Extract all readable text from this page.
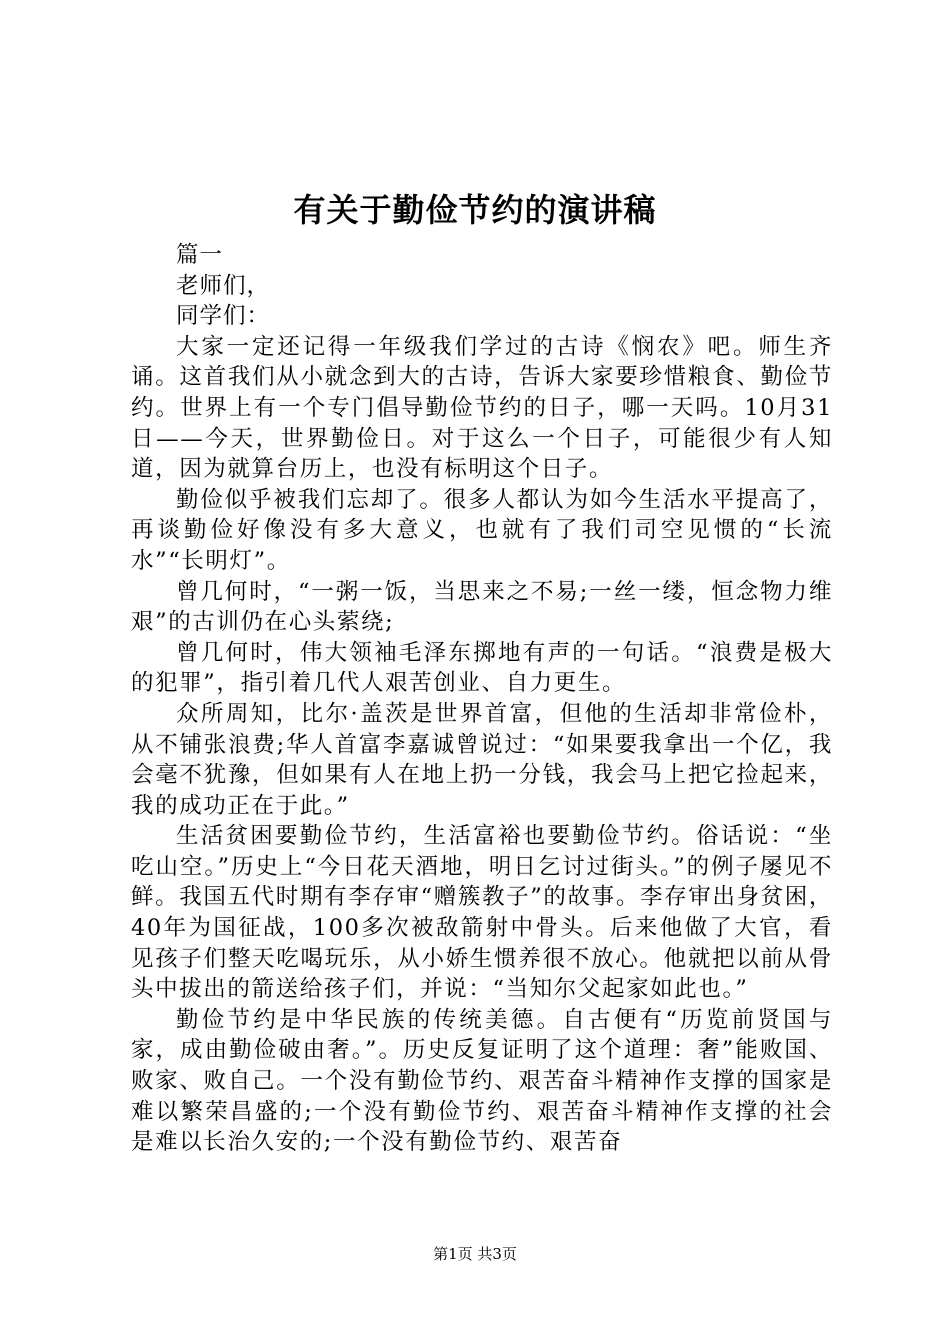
有关于勤俭节约的演讲稿

篇一

老师们，

同学们：

大家一定还记得一年级我们学过的古诗《悯农》吧。师生齐诵。这首我们从小就念到大的古诗，告诉大家要珍惜粮食、勤俭节约。世界上有一个专门倡导勤俭节约的日子，哪一天吗。10月31日——今天，世界勤俭日。对于这么一个日子，可能很少有人知道，因为就算台历上，也没有标明这个日子。

勤俭似乎被我们忘却了。很多人都认为如今生活水平提高了，再谈勤俭好像没有多大意义，也就有了我们司空见惯的“长流水”“长明灯”。

曾几何时，“一粥一饭，当思来之不易;一丝一缕，恒念物力维艰”的古训仍在心头萦绕;

曾几何时，伟大领袖毛泽东掷地有声的一句话。“浪费是极大的犯罪”，指引着几代人艰苦创业、自力更生。

众所周知，比尔·盖茨是世界首富，但他的生活却非常俭朴，从不铺张浪费;华人首富李嘉诚曾说过：“如果要我拿出一个亿，我会毫不犹豫，但如果有人在地上扔一分钱，我会马上把它捡起来，我的成功正在于此。”

生活贫困要勤俭节约，生活富裕也要勤俭节约。俗话说：“坐吃山空。”历史上“今日花天酒地，明日乞讨过街头。”的例子屡见不鲜。我国五代时期有李存审“赠簇教子”的故事。李存审出身贫困，40年为国征战，100多次被敌箭射中骨头。后来他做了大官，看见孩子们整天吃喝玩乐，从小娇生惯养很不放心。他就把以前从骨头中拔出的箭送给孩子们，并说：“当知尔父起家如此也。”

勤俭节约是中华民族的传统美德。自古便有“历览前贤国与家，成由勤俭破由奢。”。历史反复证明了这个道理：奢”能败国、败家、败自己。一个没有勤俭节约、艰苦奋斗精神作支撑的国家是难以繁荣昌盛的;一个没有勤俭节约、艰苦奋斗精神作支撑的社会是难以长治久安的;一个没有勤俭节约、艰苦奋

第1页 共3页
